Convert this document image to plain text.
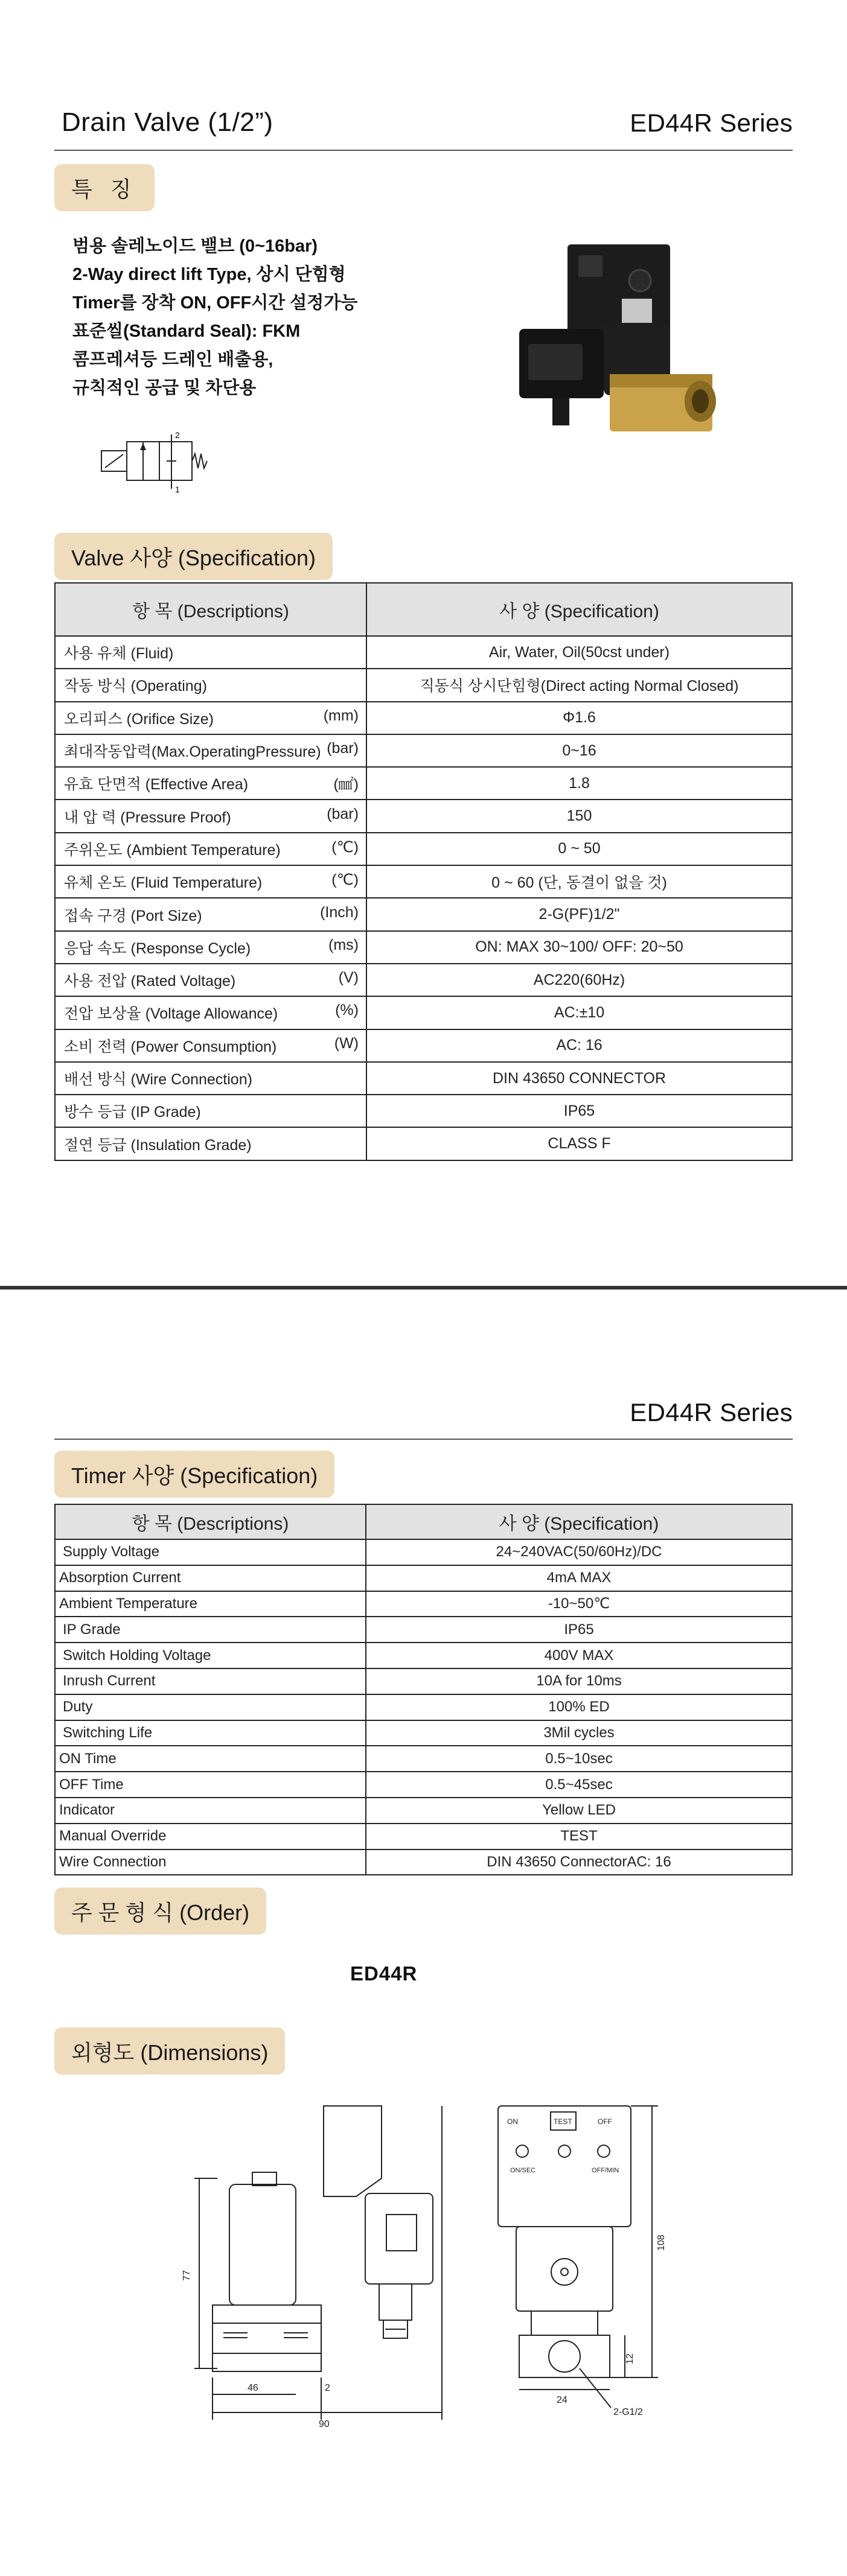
Drain Valve (1/2”)	ED44R Series
특 징
범용 솔레노이드 밸브 (0~16bar)
2-Way direct lift Type, 상시 단힘형
Timer를 장착 ON, OFF시간 설정가능
표준씰(Standard Seal): FKM
콤프레셔등 드레인 배출용,
규칙적인 공급 및 차단용
2
1
Valve 사양 (Specification)
항 목 (Descriptions)	사 양 (Specification)
사용 유체 (Fluid)	Air, Water, Oil(50cst under)
작동 방식 (Operating)	직동식 상시단힘형(Direct acting Normal Closed)
오리피스 (Orifice Size) (mm)	Φ1.6
최대작동압력(Max.OperatingPressure) (bar)	0~16
유효 단면적 (Effective Area) (㎟)	1.8
내 압 력 (Pressure Proof) (bar)	150
주위온도 (Ambient Temperature) (℃)	0 ~ 50
유체 온도 (Fluid Temperature) (℃)	0 ~ 60 (단, 동결이 없을 것)
접속 구경 (Port Size) (Inch)	2-G(PF)1/2"
응답 속도 (Response Cycle) (ms)	ON: MAX 30~100/ OFF: 20~50
사용 전압 (Rated Voltage) (V)	AC220(60Hz)
전압 보상율 (Voltage Allowance) (%)	AC:±10
소비 전력 (Power Consumption) (W)	AC: 16
배선 방식 (Wire Connection)	DIN 43650 CONNECTOR
방수 등급 (IP Grade)	IP65
절연 등급 (Insulation Grade)	CLASS F
ED44R Series
Timer 사양 (Specification)
항 목 (Descriptions)	사 양 (Specification)
Supply Voltage	24~240VAC(50/60Hz)/DC
Absorption Current	4mA MAX
Ambient Temperature	-10~50℃
IP Grade	IP65
Switch Holding Voltage	400V MAX
Inrush Current	10A for 10ms
Duty	100% ED
Switching Life	3Mil cycles
ON Time	0.5~10sec
OFF Time	0.5~45sec
Indicator	Yellow LED
Manual Override	TEST
Wire Connection	DIN 43650 ConnectorAC: 16
주 문 형 식 (Order)
ED44R
외형도 (Dimensions)
77
46
90
2
108
12
24
2-G1/2
ON	TEST	OFF
ON/SEC	OFF/MIN
